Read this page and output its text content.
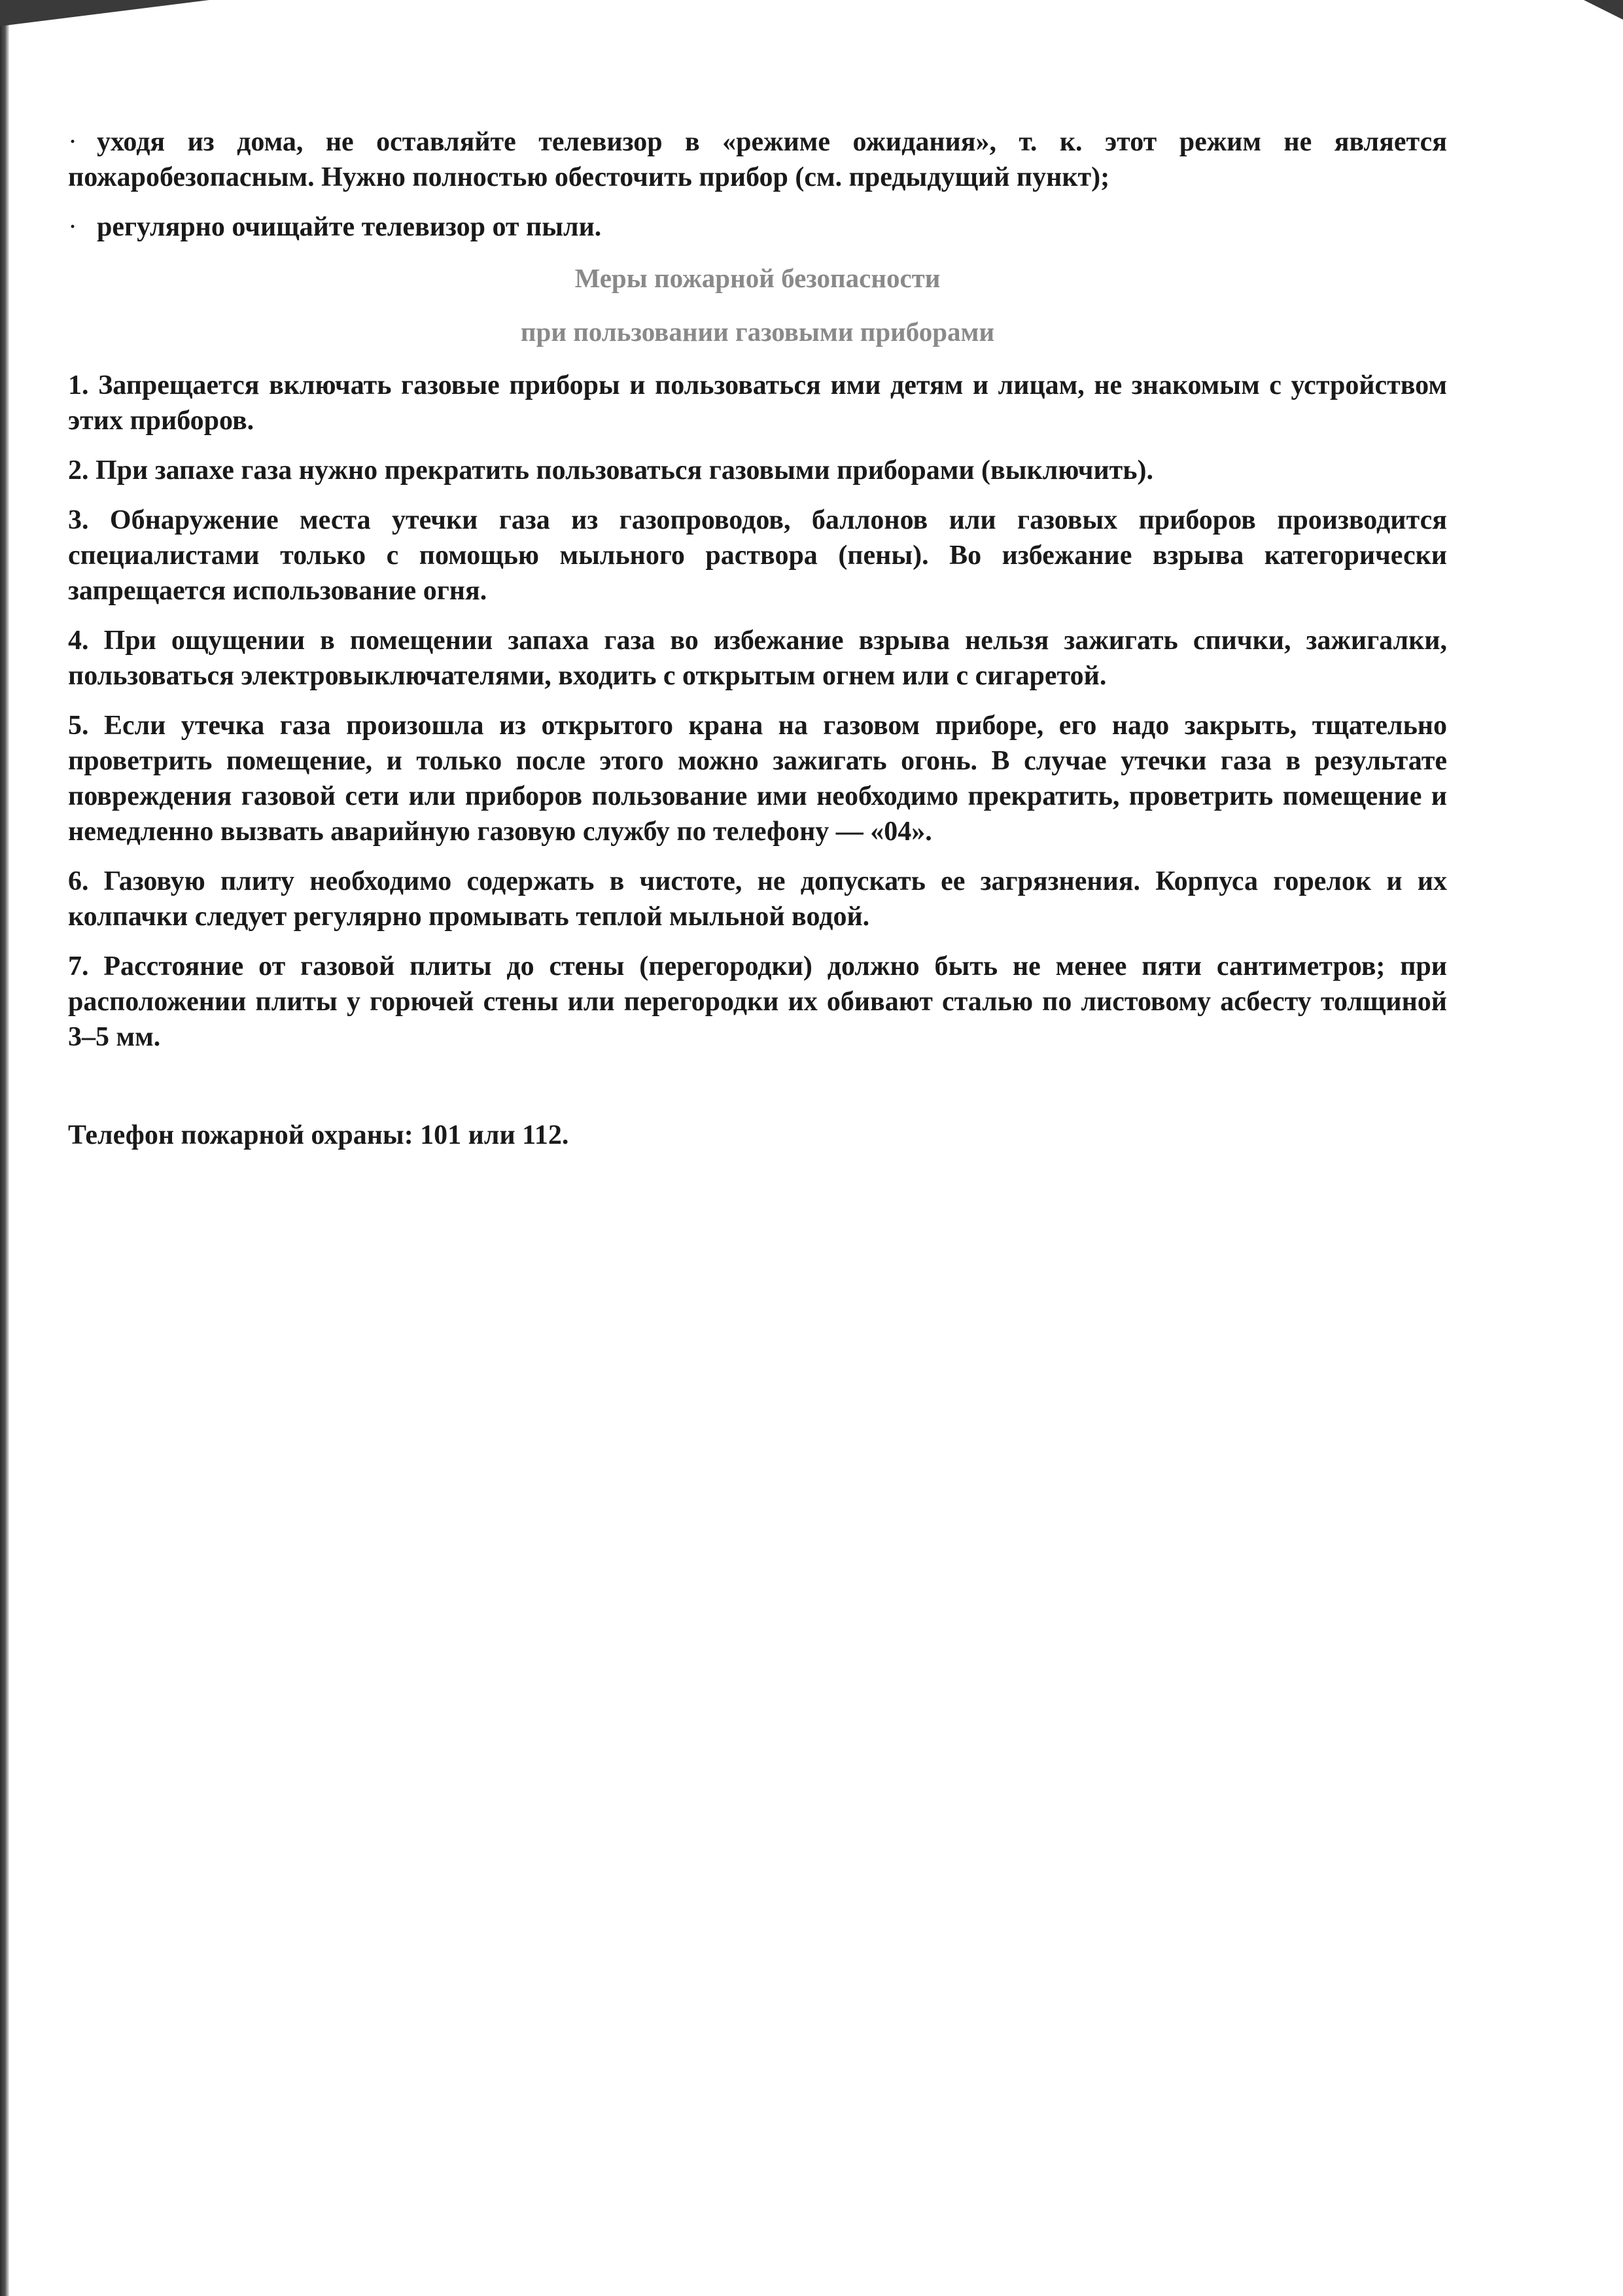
· уходя из дома, не оставляйте телевизор в «режиме ожидания», т. к. этот режим не является пожаробезопасным. Нужно полностью обесточить прибор (см. предыдущий пункт);

· регулярно очищайте телевизор от пыли.

Меры пожарной безопасности
при пользовании газовыми приборами

1. Запрещается включать газовые приборы и пользоваться ими детям и лицам, не знакомым с устройством этих приборов.

2. При запахе газа нужно прекратить пользоваться газовыми приборами (выключить).

3. Обнаружение места утечки газа из газопроводов, баллонов или газовых приборов производится специалистами только с помощью мыльного раствора (пены). Во избежание взрыва категорически запрещается использование огня.

4. При ощущении в помещении запаха газа во избежание взрыва нельзя зажигать спички, зажигалки, пользоваться электровыключателями, входить с открытым огнем или с сигаретой.

5. Если утечка газа произошла из открытого крана на газовом приборе, его надо закрыть, тщательно проветрить помещение, и только после этого можно зажигать огонь. В случае утечки газа в результате повреждения газовой сети или приборов пользование ими необходимо прекратить, проветрить помещение и немедленно вызвать аварийную газовую службу по телефону — «04».

6. Газовую плиту необходимо содержать в чистоте, не допускать ее загрязнения. Корпуса горелок и их колпачки следует регулярно промывать теплой мыльной водой.

7. Расстояние от газовой плиты до стены (перегородки) должно быть не менее пяти сантиметров; при расположении плиты у горючей стены или перегородки их обивают сталью по листовому асбесту толщиной 3–5 мм.

Телефон пожарной охраны: 101 или 112.
